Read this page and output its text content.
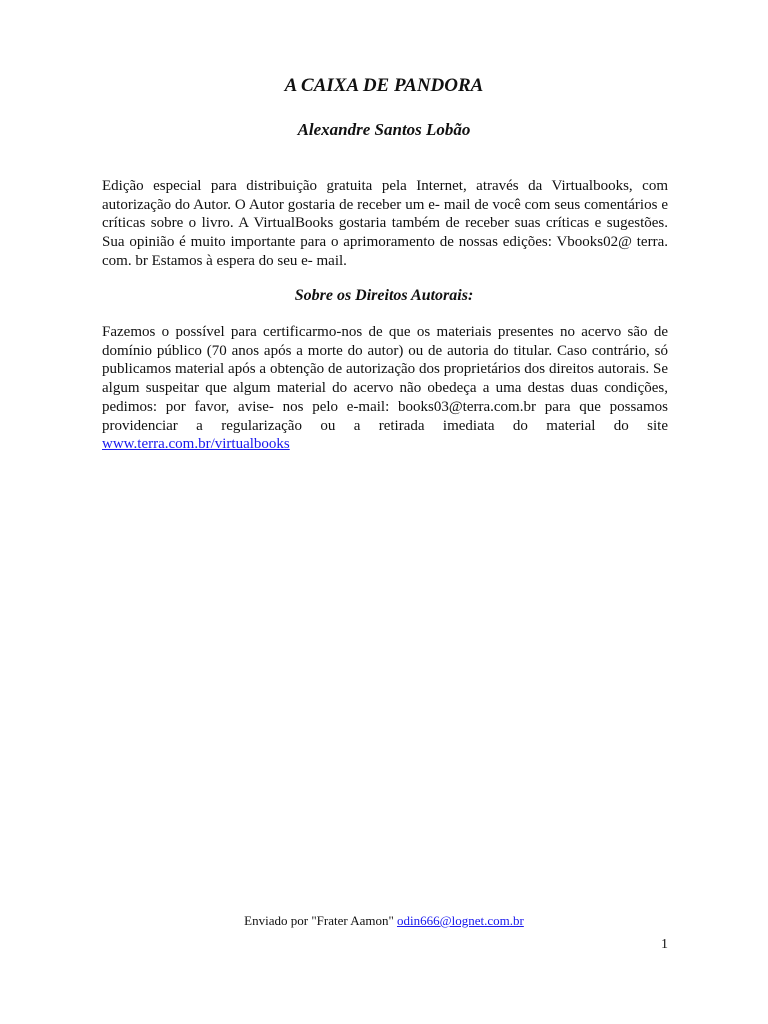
A CAIXA DE PANDORA
Alexandre Santos Lobão
Edição especial para distribuição gratuita pela Internet, através da Virtualbooks, com autorização do Autor. O Autor gostaria de receber um e- mail de você com seus comentários e críticas sobre o livro. A VirtualBooks gostaria também de receber suas críticas e sugestões. Sua opinião é muito importante para o aprimoramento de nossas edições: Vbooks02@ terra. com. br Estamos à espera do seu e- mail.
Sobre os Direitos Autorais:
Fazemos o possível para certificarmo-nos de que os materiais presentes no acervo são de domínio público (70 anos após a morte do autor) ou de autoria do titular. Caso contrário, só publicamos material após a obtenção de autorização dos proprietários dos direitos autorais. Se algum suspeitar que algum material do acervo não obedeça a uma destas duas condições, pedimos: por favor, avise- nos pelo e-mail: books03@terra.com.br para que possamos providenciar a regularização ou a retirada imediata do material do site www.terra.com.br/virtualbooks
Enviado por "Frater Aamon" odin666@lognet.com.br
1
